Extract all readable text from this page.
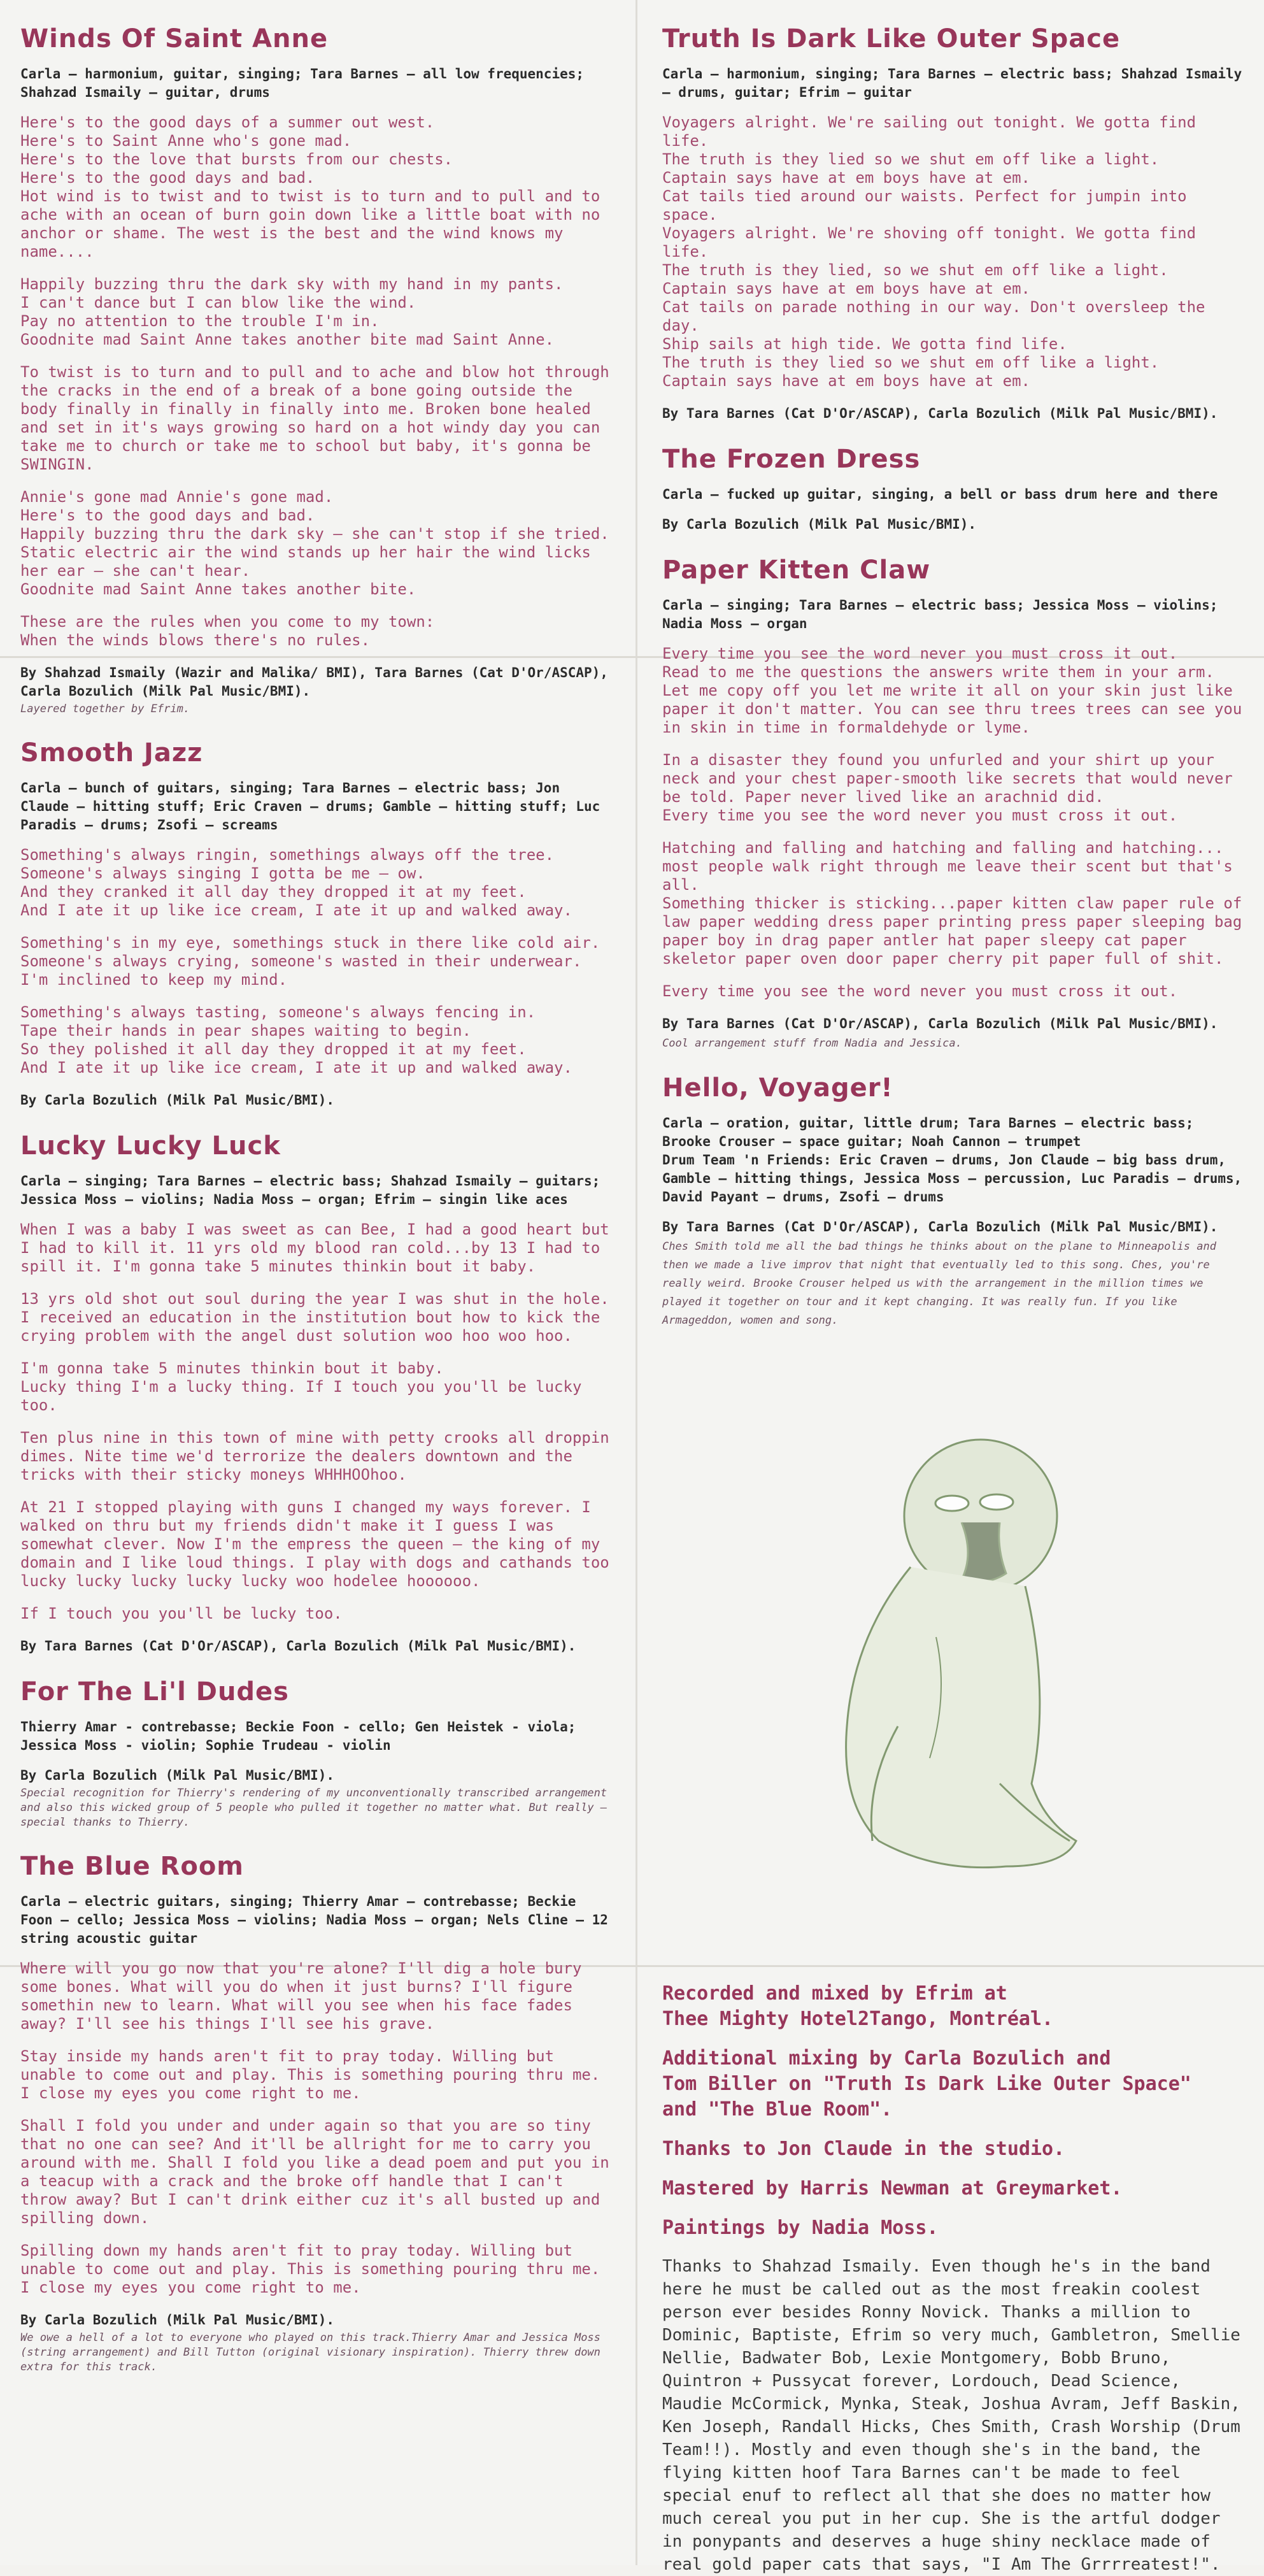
Winds Of Saint Anne
Carla – harmonium, guitar, singing; Tara Barnes – all low frequencies; Shahzad Ismaily – guitar, drums
Here's to the good days of a summer out west.
Here's to Saint Anne who's gone mad.
Here's to the love that bursts from our chests.
Here's to the good days and bad.
Hot wind is to twist and to twist is to turn and to pull and to ache with an ocean of burn goin down like a little boat with no anchor or shame. The west is the best and the wind knows my name....
Happily buzzing thru the dark sky with my hand in my pants.
I can't dance but I can blow like the wind.
Pay no attention to the trouble I'm in.
Goodnite mad Saint Anne takes another bite mad Saint Anne.
To twist is to turn and to pull and to ache and blow hot through the cracks in the end of a break of a bone going outside the body finally in finally in finally into me. Broken bone healed and set in it's ways growing so hard on a hot windy day you can take me to church or take me to school but baby, it's gonna be SWINGIN.
Annie's gone mad Annie's gone mad.
Here's to the good days and bad.
Happily buzzing thru the dark sky – she can't stop if she tried.
Static electric air the wind stands up her hair the wind licks her ear – she can't hear.
Goodnite mad Saint Anne takes another bite.
These are the rules when you come to my town:
When the winds blows there's no rules.
By Shahzad Ismaily (Wazir and Malika/ BMI), Tara Barnes (Cat D'Or/ASCAP), Carla Bozulich (Milk Pal Music/BMI).
Layered together by Efrim.
Smooth Jazz
Carla – bunch of guitars, singing; Tara Barnes – electric bass; Jon Claude – hitting stuff; Eric Craven – drums; Gamble – hitting stuff; Luc Paradis – drums; Zsofi – screams
Something's always ringin, somethings always off the tree.
Someone's always singing I gotta be me – ow.
And they cranked it all day they dropped it at my feet.
And I ate it up like ice cream, I ate it up and walked away.
Something's in my eye, somethings stuck in there like cold air.
Someone's always crying, someone's wasted in their underwear.
I'm inclined to keep my mind.
Something's always tasting, someone's always fencing in.
Tape their hands in pear shapes waiting to begin.
So they polished it all day they dropped it at my feet.
And I ate it up like ice cream, I ate it up and walked away.
By Carla Bozulich (Milk Pal Music/BMI).
Lucky Lucky Luck
Carla – singing; Tara Barnes – electric bass; Shahzad Ismaily – guitars; Jessica Moss – violins; Nadia Moss – organ; Efrim – singin like aces
When I was a baby I was sweet as can Bee, I had a good heart but I had to kill it. 11 yrs old my blood ran cold...by 13 I had to spill it. I'm gonna take 5 minutes thinkin bout it baby.
13 yrs old shot out soul during the year I was shut in the hole. I received an education in the institution bout how to kick the crying problem with the angel dust solution woo hoo woo hoo.
I'm gonna take 5 minutes thinkin bout it baby.
Lucky thing I'm a lucky thing. If I touch you you'll be lucky too.
Ten plus nine in this town of mine with petty crooks all droppin dimes. Nite time we'd terrorize the dealers downtown and the tricks with their sticky moneys WHHHOOhoo.
At 21 I stopped playing with guns I changed my ways forever. I walked on thru but my friends didn't make it I guess I was somewhat clever. Now I'm the empress the queen – the king of my domain and I like loud things. I play with dogs and cathands too lucky lucky lucky lucky lucky woo hodelee hoooooo.
If I touch you you'll be lucky too.
By Tara Barnes (Cat D'Or/ASCAP), Carla Bozulich (Milk Pal Music/BMI).
For The Li'l Dudes
Thierry Amar - contrebasse; Beckie Foon - cello; Gen Heistek - viola; Jessica Moss - violin; Sophie Trudeau - violin
By Carla Bozulich (Milk Pal Music/BMI).
Special recognition for Thierry's rendering of my unconventionally transcribed arrangement and also this wicked group of 5 people who pulled it together no matter what. But really – special thanks to Thierry.
The Blue Room
Carla – electric guitars, singing; Thierry Amar – contrebasse; Beckie Foon – cello; Jessica Moss – violins; Nadia Moss – organ; Nels Cline – 12 string acoustic guitar
Where will you go now that you're alone? I'll dig a hole bury some bones. What will you do when it just burns? I'll figure somethin new to learn. What will you see when his face fades away? I'll see his things I'll see his grave.
Stay inside my hands aren't fit to pray today. Willing but unable to come out and play. This is something pouring thru me. I close my eyes you come right to me.
Shall I fold you under and under again so that you are so tiny that no one can see? And it'll be allright for me to carry you around with me. Shall I fold you like a dead poem and put you in a teacup with a crack and the broke off handle that I can't throw away? But I can't drink either cuz it's all busted up and spilling down.
Spilling down my hands aren't fit to pray today. Willing but unable to come out and play. This is something pouring thru me. I close my eyes you come right to me.
By Carla Bozulich (Milk Pal Music/BMI).
We owe a hell of a lot to everyone who played on this track.Thierry Amar and Jessica Moss (string arrangement) and Bill Tutton (original visionary inspiration). Thierry threw down extra for this track.
Truth Is Dark Like Outer Space
Carla – harmonium, singing; Tara Barnes – electric bass; Shahzad Ismaily – drums, guitar; Efrim – guitar
Voyagers alright. We're sailing out tonight. We gotta find life.
The truth is they lied so we shut em off like a light.
Captain says have at em boys have at em.
Cat tails tied around our waists. Perfect for jumpin into space.
Voyagers alright. We're shoving off tonight. We gotta find life.
The truth is they lied, so we shut em off like a light.
Captain says have at em boys have at em.
Cat tails on parade nothing in our way. Don't oversleep the day.
Ship sails at high tide. We gotta find life.
The truth is they lied so we shut em off like a light.
Captain says have at em boys have at em.
By Tara Barnes (Cat D'Or/ASCAP), Carla Bozulich (Milk Pal Music/BMI).
The Frozen Dress
Carla – fucked up guitar, singing, a bell or bass drum here and there
By Carla Bozulich (Milk Pal Music/BMI).
Paper Kitten Claw
Carla – singing; Tara Barnes – electric bass; Jessica Moss – violins; Nadia Moss – organ
Every time you see the word never you must cross it out.
Read to me the questions the answers write them in your arm.
Let me copy off you let me write it all on your skin just like paper it don't matter. You can see thru trees trees can see you in skin in time in formaldehyde or lyme.
In a disaster they found you unfurled and your shirt up your neck and your chest paper-smooth like secrets that would never be told. Paper never lived like an arachnid did.
Every time you see the word never you must cross it out.
Hatching and falling and hatching and falling and hatching... most people walk right through me leave their scent but that's all.
Something thicker is sticking...paper kitten claw paper rule of law paper wedding dress paper printing press paper sleeping bag paper boy in drag paper antler hat paper sleepy cat paper skeletor paper oven door paper cherry pit paper full of shit.
Every time you see the word never you must cross it out.
By Tara Barnes (Cat D'Or/ASCAP), Carla Bozulich (Milk Pal Music/BMI). Cool arrangement stuff from Nadia and Jessica.
Hello, Voyager!
Carla – oration, guitar, little drum; Tara Barnes – electric bass; Brooke Crouser – space guitar; Noah Cannon – trumpet
Drum Team 'n Friends: Eric Craven – drums, Jon Claude – big bass drum, Gamble – hitting things, Jessica Moss – percussion, Luc Paradis – drums, David Payant – drums, Zsofi – drums
By Tara Barnes (Cat D'Or/ASCAP), Carla Bozulich (Milk Pal Music/BMI). Ches Smith told me all the bad things he thinks about on the plane to Minneapolis and then we made a live improv that night that eventually led to this song. Ches, you're really weird. Brooke Crouser helped us with the arrangement in the million times we played it together on tour and it kept changing. It was really fun. If you like Armageddon, women and song.
Recorded and mixed by Efrim at
Thee Mighty Hotel2Tango, Montréal.
Additional mixing by Carla Bozulich and
Tom Biller on "Truth Is Dark Like Outer Space"
and "The Blue Room".
Thanks to Jon Claude in the studio.
Mastered by Harris Newman at Greymarket.
Paintings by Nadia Moss.
Thanks to Shahzad Ismaily. Even though he's in the band here he must be called out as the most freakin coolest person ever besides Ronny Novick. Thanks a million to Dominic, Baptiste, Efrim so very much, Gambletron, Smellie Nellie, Badwater Bob, Lexie Montgomery, Bobb Bruno, Quintron + Pussycat forever, Lordouch, Dead Science, Maudie McCormick, Mynka, Steak, Joshua Avram, Jeff Baskin, Ken Joseph, Randall Hicks, Ches Smith, Crash Worship (Drum Team!!). Mostly and even though she's in the band, the flying kitten hoof Tara Barnes can't be made to feel special enuf to reflect all that she does no matter how much cereal you put in her cup. She is the artful dodger in ponypants and deserves a huge shiny necklace made of real gold paper cats that says, "I Am The Grrrreatest!".
